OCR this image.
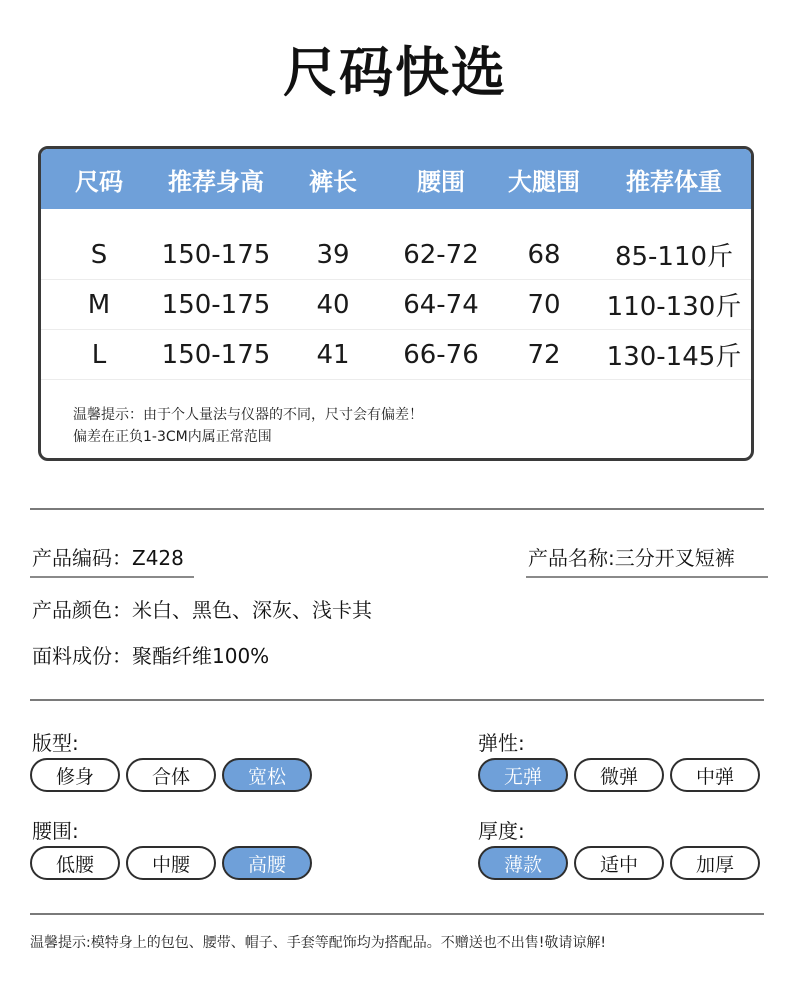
尺码快选
尺码	推荐身高	裤长	腰围	大腿围	推荐体重

S	150-175	39	62-72	68	85-110斤
M	150-175	40	64-74	70	110-130斤
L	150-175	41	66-76	72	130-145斤
温馨提示：由于个人量法与仪器的不同，尺寸会有偏差！
偏差在正负1-3CM内属正常范围
产品编码：Z428	产品名称:三分开叉短裤
产品颜色：米白、黑色、深灰、浅卡其
面料成份：聚酯纤维100%
版型:
修身	合体	宽松
弹性:
无弹	微弹	中弹
腰围:
低腰	中腰	高腰
厚度:
薄款	适中	加厚
温馨提示:模特身上的包包、腰带、帽子、手套等配饰均为搭配品。不赠送也不出售!敬请谅解!
